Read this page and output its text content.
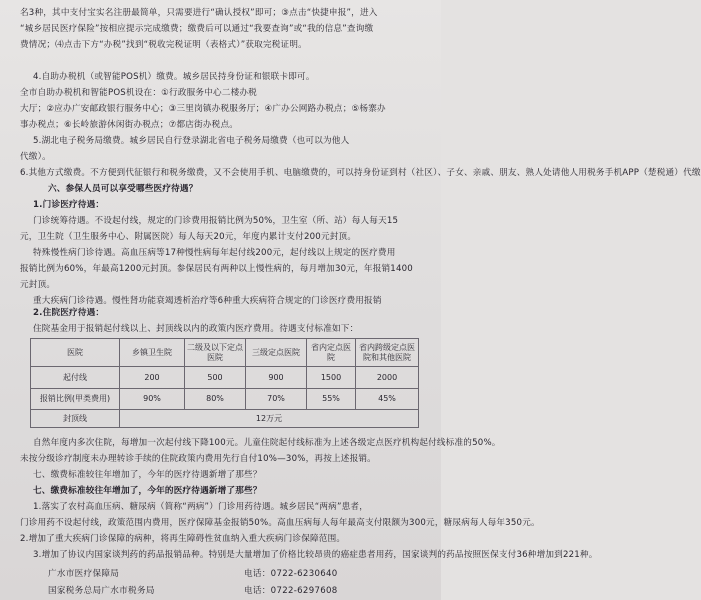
名3种，其中支付宝实名注册最简单，只需要进行“确认授权”即可；③点击“快捷申报”，进入
“城乡居民医疗保险”按相应提示完成缴费；缴费后可以通过“我要查询”或“我的信息”查询缴
费情况；⑷点击下方“办税”找到“税收完税证明（表格式）”获取完税证明。
4.自助办税机（或智能POS机）缴费。城乡居民持身份证和银联卡即可。
全市自助办税机和智能POS机设在：①行政服务中心二楼办税
大厅；②应办广安邮政银行服务中心；③三里岗镇办税服务厅；④广办公网路办税点；⑤杨寨办
事办税点；⑥长岭旅游休闲街办税点；⑦都店街办税点。
5.湖北电子税务局缴费。城乡居民自行登录湖北省电子税务局缴费（也可以为他人
代缴）。
6.其他方式缴费。不方便到代征银行和税务缴费，又不会使用手机、电脑缴费的，可以持身份证到村（社区）、子女、亲戚、朋友、熟人处请他人用税务手机APP（楚税通）代缴
六、参保人员可以享受哪些医疗待遇？
1.门诊医疗待遇：
门诊统筹待遇。不设起付线，规定的门诊费用报销比例为50%，卫生室（所、站）每人每天15
元，卫生院（卫生服务中心、附属医院）每人每天20元，年度内累计支付200元封顶。
特殊慢性病门诊待遇。高血压病等17种慢性病每年起付线200元，起付线以上规定的医疗费用
报销比例为60%，年最高1200元封顶。参保居民有两种以上慢性病的，每月增加30元，年报销1400
元封顶。
重大疾病门诊待遇。慢性肾功能衰竭透析治疗等6种重大疾病符合规定的门诊医疗费用报销
医院	乡镇卫生院	二级及以下定点医院	三级定点医院	省内定点医院	省内跨级定点医院和其他医院
起付线	200	500	900	1500	2000
报销比例(甲类费用)	90%	80%	70%	55%	45%
封顶线	12万元				
自然年度内多次住院，每增加一次起付线下降100元。儿童住院起付线标准为上述各级定点医疗机构起付线标准的50%。
未按分级诊疗制度未办理转诊手续的住院政策内费用先行自付10%—30%，再按上述报销。
七、缴费标准较往年增加了，今年的医疗待遇新增了那些？
七、缴费标准较往年增加了，今年的医疗待遇新增了那些？
1.落实了农村高血压病、糖尿病（简称“两病”）门诊用药待遇。城乡居民“两病”患者，
门诊用药不设起付线，政策范围内费用，医疗保障基金报销50%。高血压病每人每年最高支付限额为300元，糖尿病每人每年350元。
2.增加了重大疾病门诊保障的病种，将再生障碍性贫血纳入重大疾病门诊保障范围。
3.增加了协议内国家谈判药的药品报销品种。特别是大量增加了价格比较昂贵的癌症患者用药，国家谈判的药品按照医保支付36种增加到221种。
广水市医疗保障局	电话：0722-6230640
国家税务总局广水市税务局	电话：0722-6297608
2.住院医疗待遇：
住院基金用于报销起付线以上、封顶线以内的政策内医疗费用。待遇支付标准如下：
